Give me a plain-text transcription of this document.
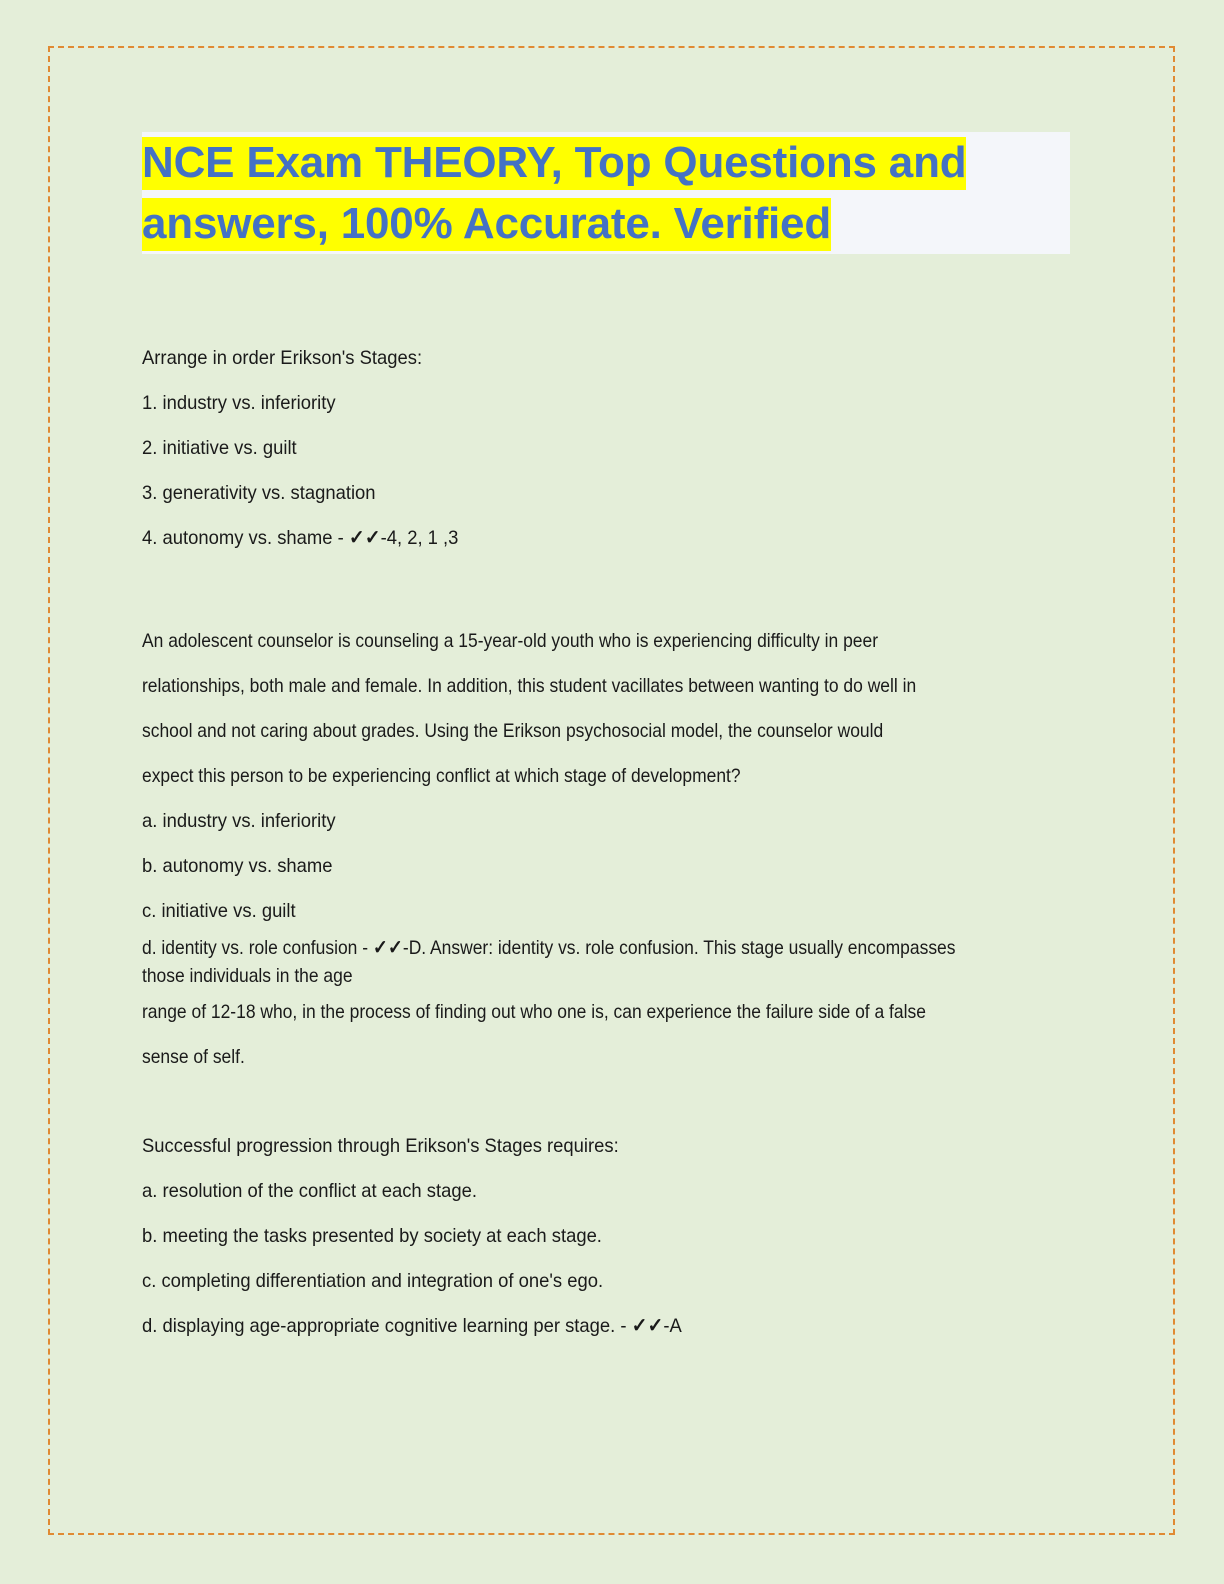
NCE Exam THEORY, Top Questions and
answers, 100% Accurate. Verified
Arrange in order Erikson's Stages:
1. industry vs. inferiority
2. initiative vs. guilt
3. generativity vs. stagnation
4. autonomy vs. shame - ✓✓-4, 2, 1 ,3
An adolescent counselor is counseling a 15-year-old youth who is experiencing difficulty in peer
relationships, both male and female. In addition, this student vacillates between wanting to do well in
school and not caring about grades. Using the Erikson psychosocial model, the counselor would
expect this person to be experiencing conflict at which stage of development?
a. industry vs. inferiority
b. autonomy vs. shame
c. initiative vs. guilt
d. identity vs. role confusion - ✓✓-D. Answer: identity vs. role confusion. This stage usually encompasses
those individuals in the age
range of 12-18 who, in the process of finding out who one is, can experience the failure side of a false
sense of self.
Successful progression through Erikson's Stages requires:
a. resolution of the conflict at each stage.
b. meeting the tasks presented by society at each stage.
c. completing differentiation and integration of one's ego.
d. displaying age-appropriate cognitive learning per stage. - ✓✓-A
